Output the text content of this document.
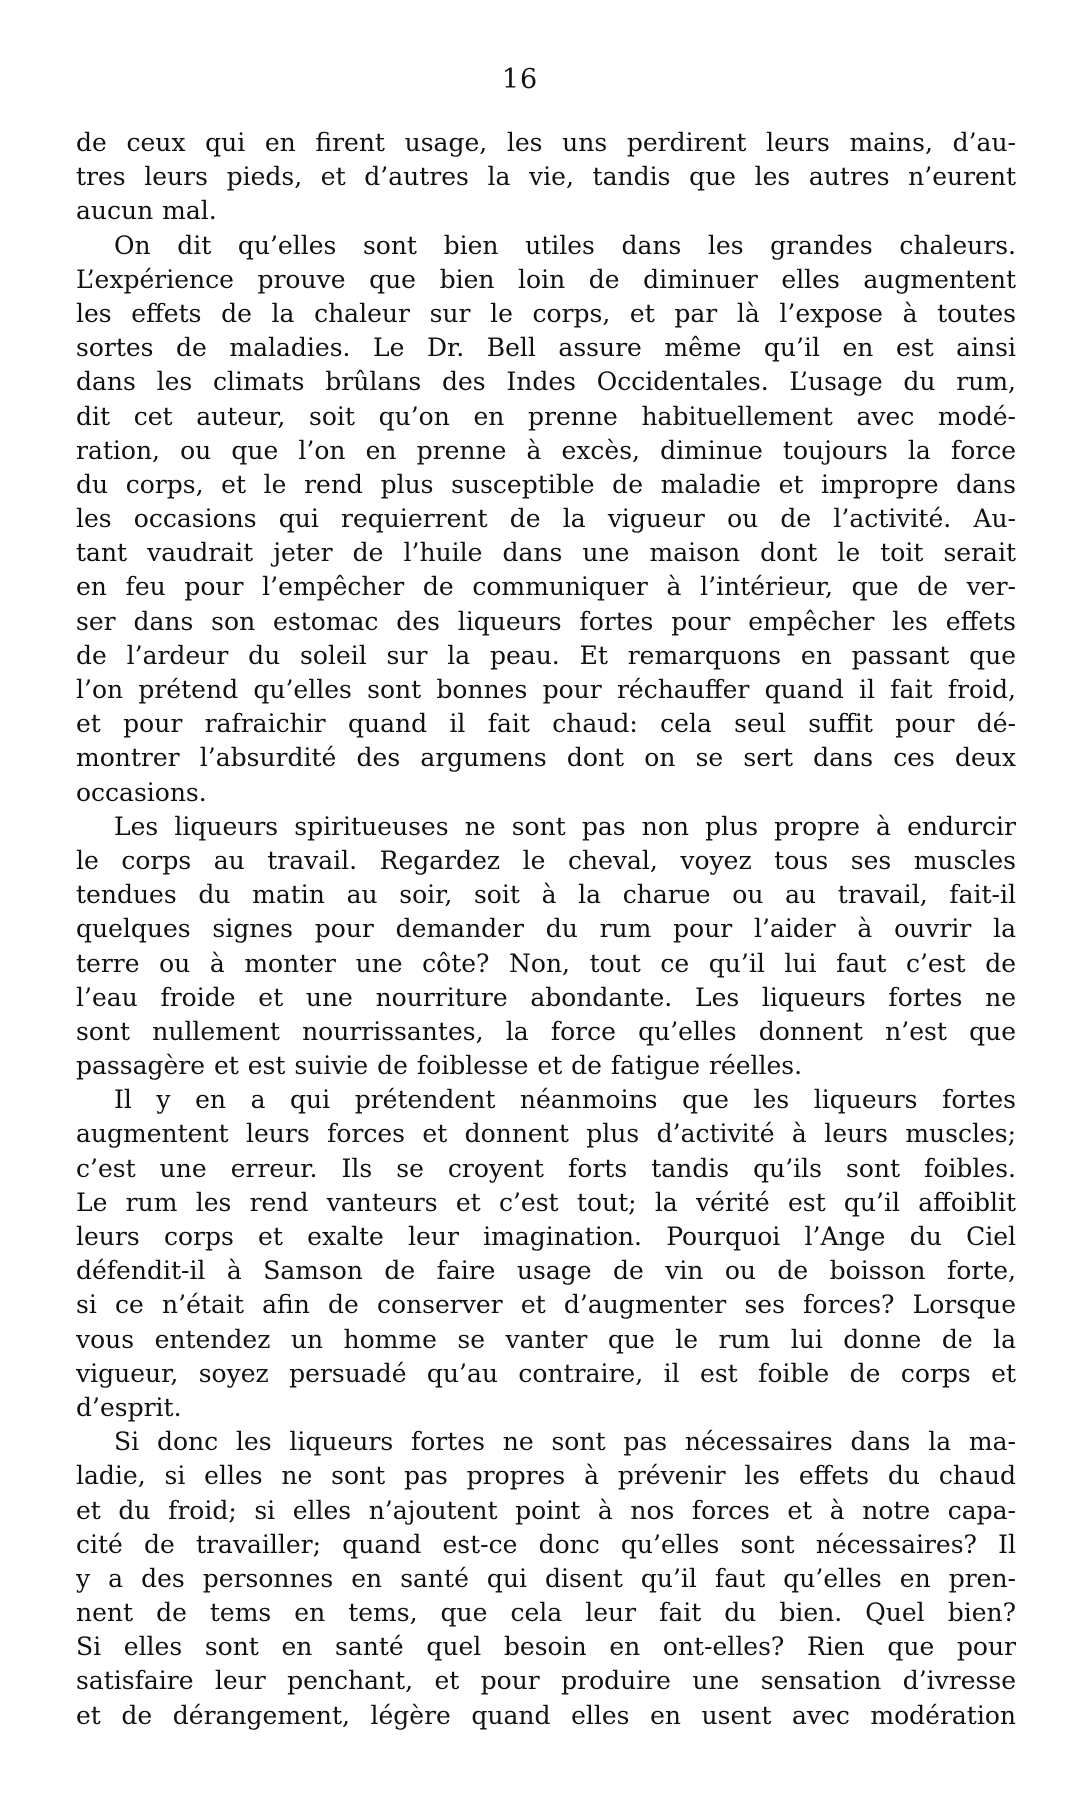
16
de ceux qui en firent usage, les uns perdirent leurs mains, d’au-
tres leurs pieds, et d’autres la vie, tandis que les autres n’eurent
aucun mal.
On dit qu’elles sont bien utiles dans les grandes chaleurs.
L’expérience prouve que bien loin de diminuer elles augmentent
les effets de la chaleur sur le corps, et par là l’expose à toutes
sortes de maladies. Le Dr. Bell assure même qu’il en est ainsi
dans les climats brûlans des Indes Occidentales. L’usage du rum,
dit cet auteur, soit qu’on en prenne habituellement avec modé-
ration, ou que l’on en prenne à excès, diminue toujours la force
du corps, et le rend plus susceptible de maladie et impropre dans
les occasions qui requierrent de la vigueur ou de l’activité. Au-
tant vaudrait jeter de l’huile dans une maison dont le toit serait
en feu pour l’empêcher de communiquer à l’intérieur, que de ver-
ser dans son estomac des liqueurs fortes pour empêcher les effets
de l’ardeur du soleil sur la peau. Et remarquons en passant que
l’on prétend qu’elles sont bonnes pour réchauffer quand il fait froid,
et pour rafraichir quand il fait chaud: cela seul suffit pour dé-
montrer l’absurdité des argumens dont on se sert dans ces deux
occasions.
Les liqueurs spiritueuses ne sont pas non plus propre à endurcir
le corps au travail. Regardez le cheval, voyez tous ses muscles
tendues du matin au soir, soit à la charue ou au travail, fait-il
quelques signes pour demander du rum pour l’aider à ouvrir la
terre ou à monter une côte? Non, tout ce qu’il lui faut c’est de
l’eau froide et une nourriture abondante. Les liqueurs fortes ne
sont nullement nourrissantes, la force qu’elles donnent n’est que
passagère et est suivie de foiblesse et de fatigue réelles.
Il y en a qui prétendent néanmoins que les liqueurs fortes
augmentent leurs forces et donnent plus d’activité à leurs muscles;
c’est une erreur. Ils se croyent forts tandis qu’ils sont foibles.
Le rum les rend vanteurs et c’est tout; la vérité est qu’il affoiblit
leurs corps et exalte leur imagination. Pourquoi l’Ange du Ciel
défendit-il à Samson de faire usage de vin ou de boisson forte,
si ce n’était afin de conserver et d’augmenter ses forces? Lorsque
vous entendez un homme se vanter que le rum lui donne de la
vigueur, soyez persuadé qu’au contraire, il est foible de corps et
d’esprit.
Si donc les liqueurs fortes ne sont pas nécessaires dans la ma-
ladie, si elles ne sont pas propres à prévenir les effets du chaud
et du froid; si elles n’ajoutent point à nos forces et à notre capa-
cité de travailler; quand est-ce donc qu’elles sont nécessaires? Il
y a des personnes en santé qui disent qu’il faut qu’elles en pren-
nent de tems en tems, que cela leur fait du bien. Quel bien?
Si elles sont en santé quel besoin en ont-elles? Rien que pour
satisfaire leur penchant, et pour produire une sensation d’ivresse
et de dérangement, légère quand elles en usent avec modération
